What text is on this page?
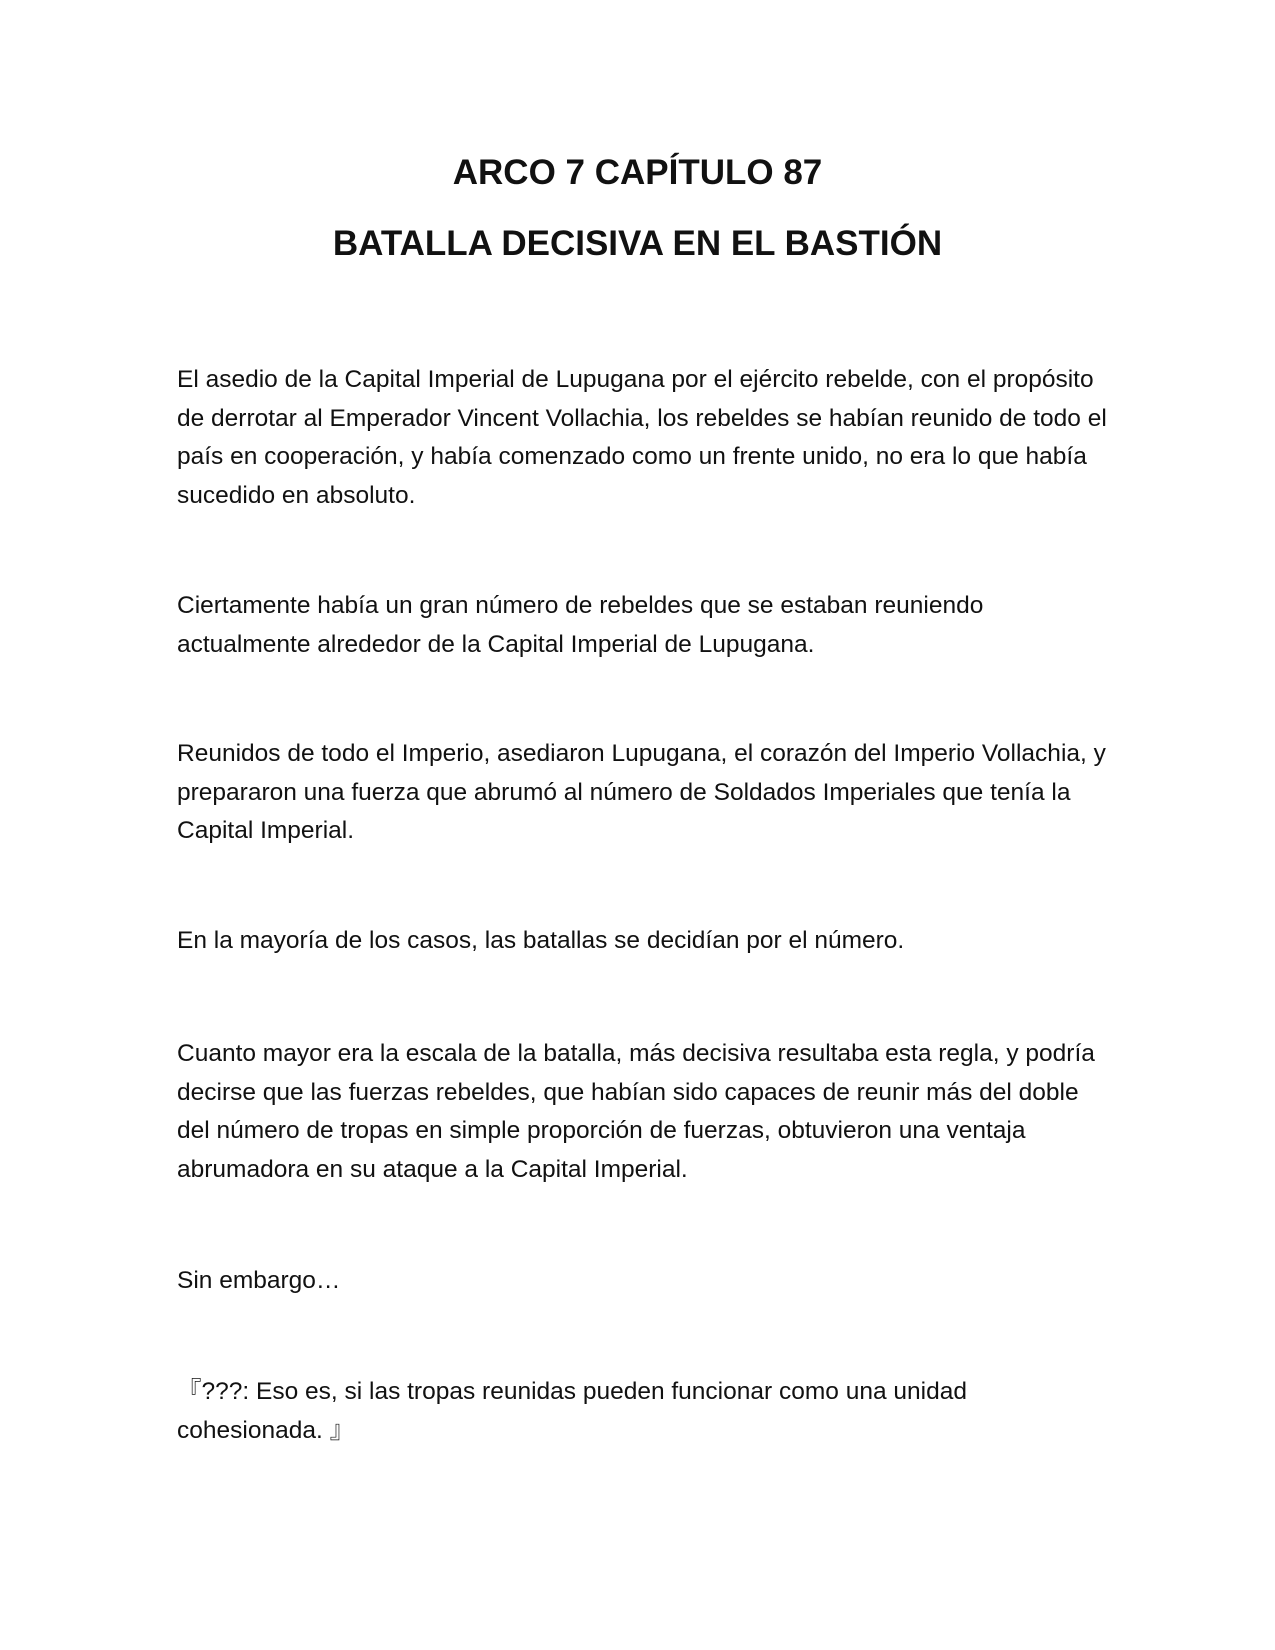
ARCO 7 CAPÍTULO 87
BATALLA DECISIVA EN EL BASTIÓN

El asedio de la Capital Imperial de Lupugana por el ejército rebelde, con el propósito de derrotar al Emperador Vincent Vollachia, los rebeldes se habían reunido de todo el país en cooperación, y había comenzado como un frente unido, no era lo que había sucedido en absoluto.

Ciertamente había un gran número de rebeldes que se estaban reuniendo actualmente alrededor de la Capital Imperial de Lupugana.

Reunidos de todo el Imperio, asediaron Lupugana, el corazón del Imperio Vollachia, y prepararon una fuerza que abrumó al número de Soldados Imperiales que tenía la Capital Imperial.

En la mayoría de los casos, las batallas se decidían por el número.

Cuanto mayor era la escala de la batalla, más decisiva resultaba esta regla, y podría decirse que las fuerzas rebeldes, que habían sido capaces de reunir más del doble del número de tropas en simple proporción de fuerzas, obtuvieron una ventaja abrumadora en su ataque a la Capital Imperial.

Sin embargo…

『???: Eso es, si las tropas reunidas pueden funcionar como una unidad cohesionada. 』
